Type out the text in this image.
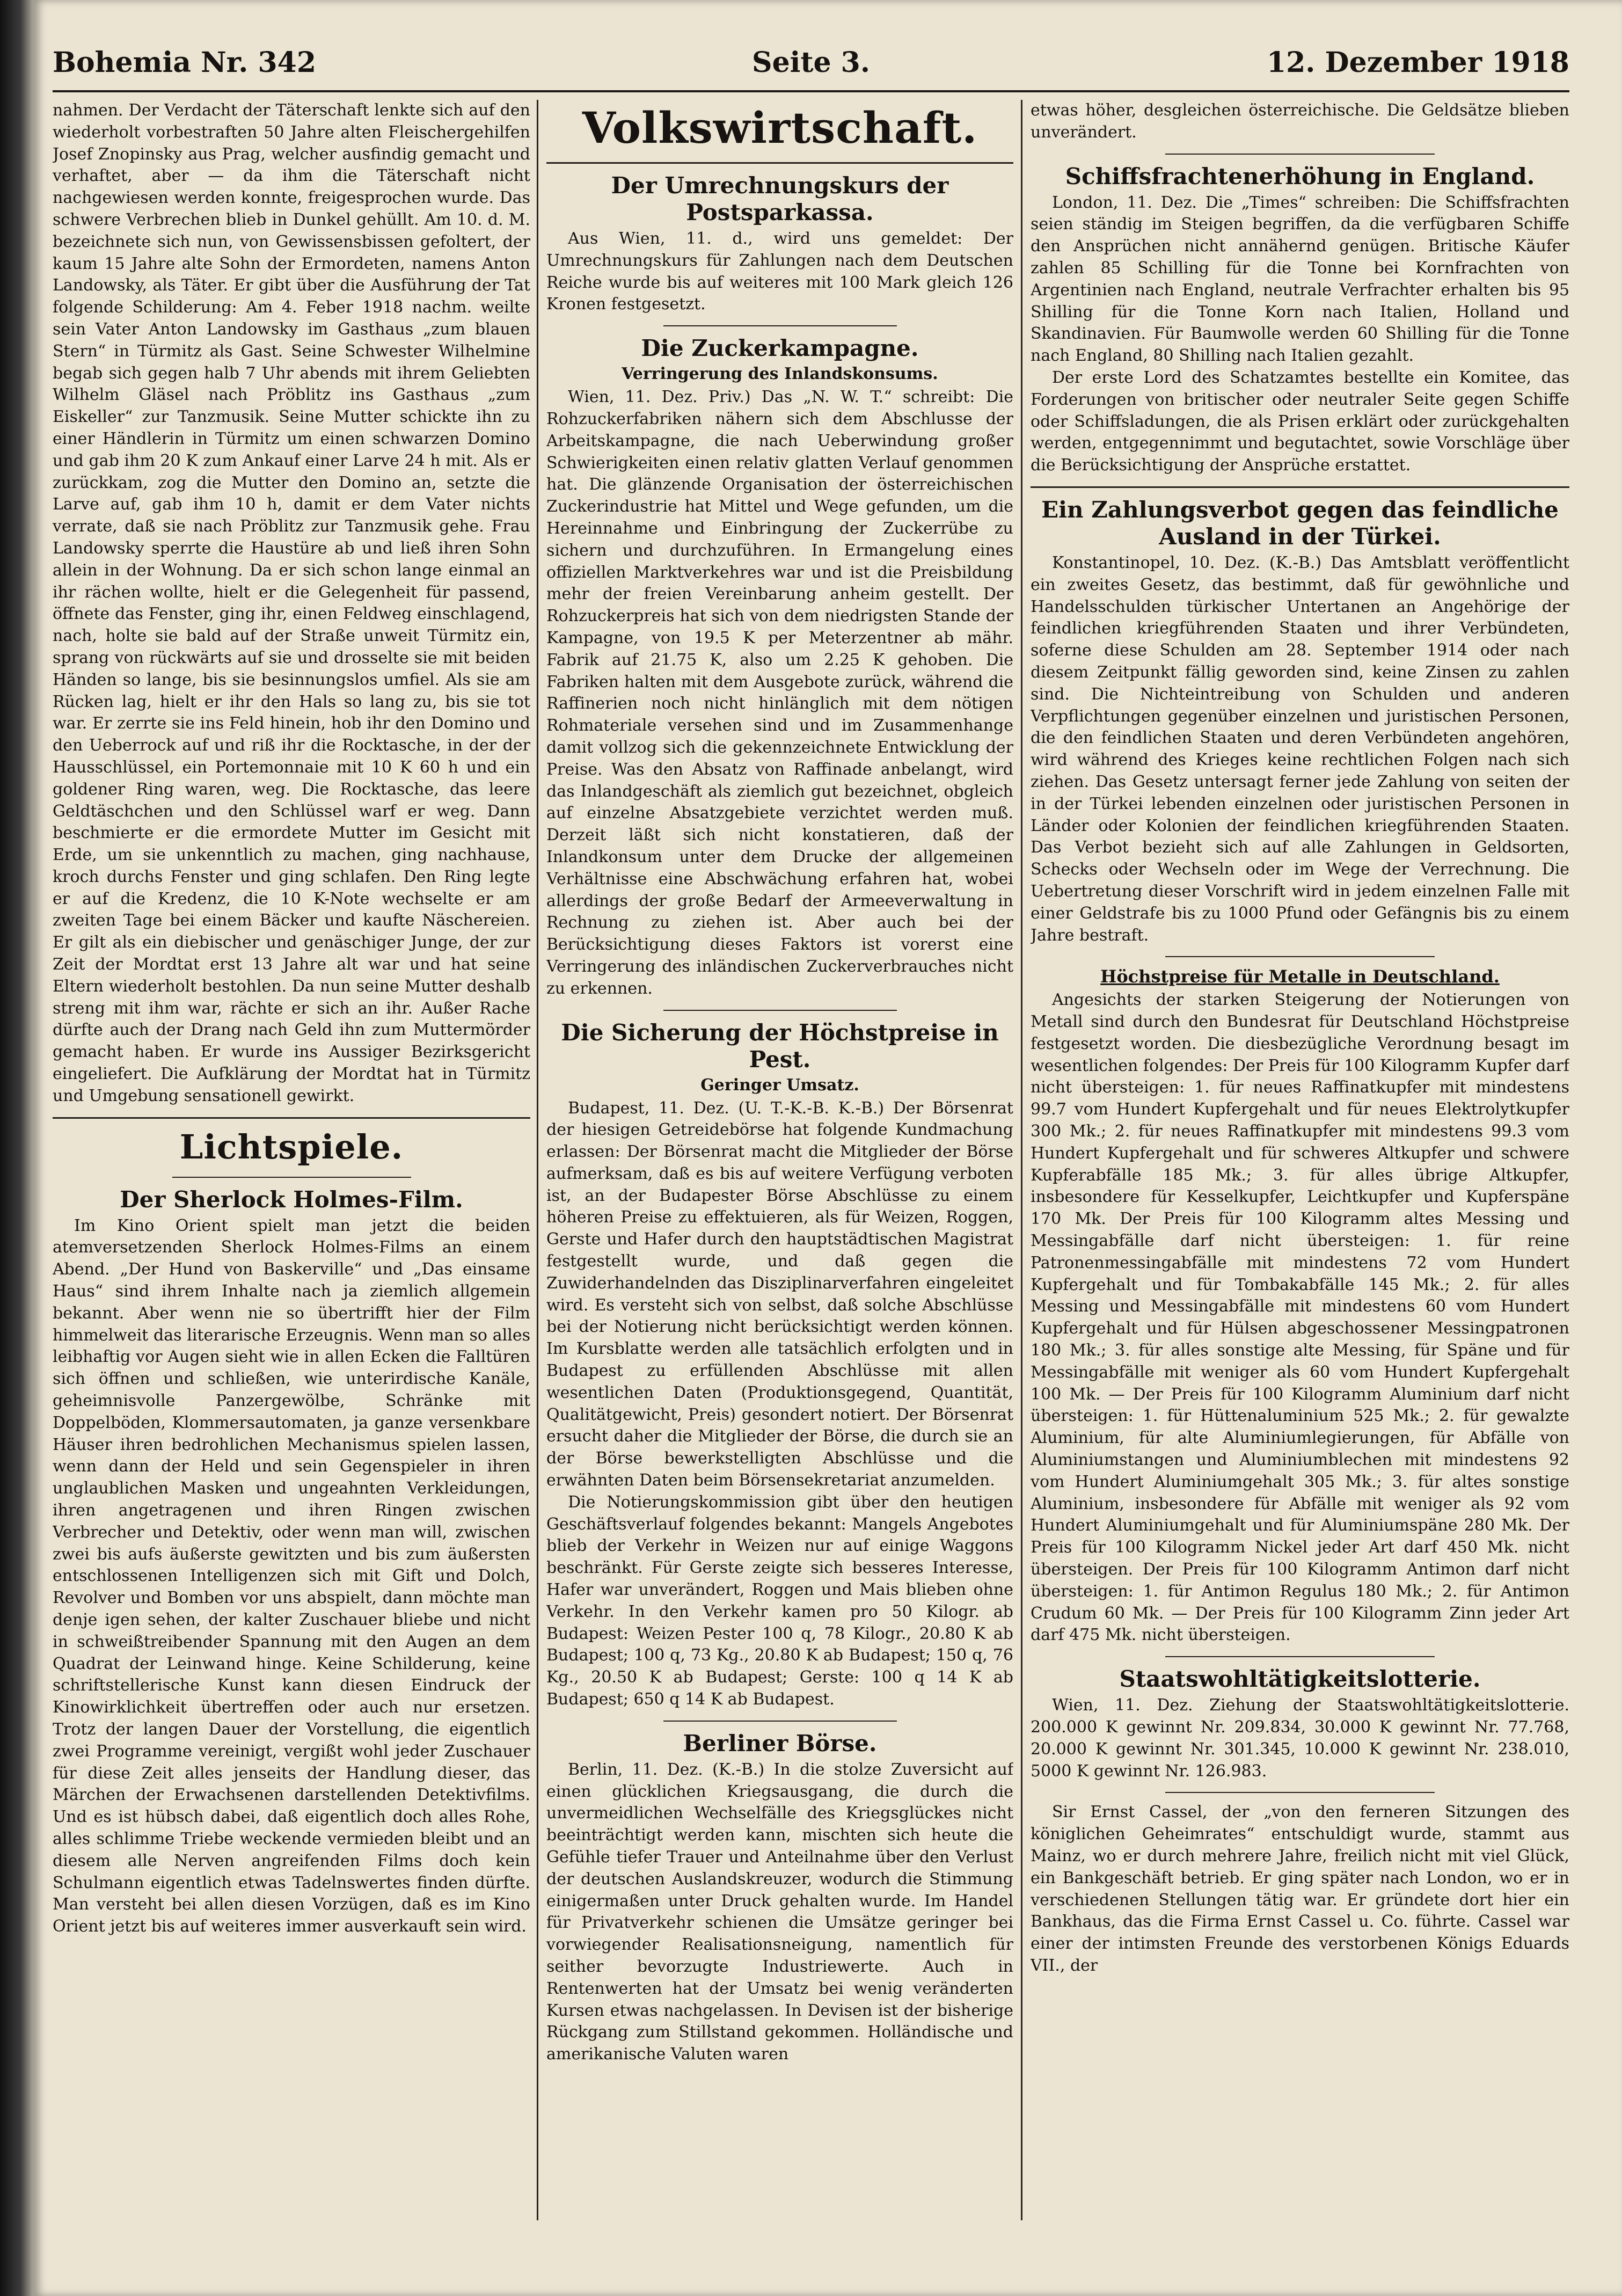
Seite 3.
Bohemia Nr. 342	12. Dezember 1918

nahmen. Der Verdacht der Täterschaft lenkte sich auf den wiederholt vorbestraften 50 Jahre alten Fleischergehilfen Josef Znopinsky aus Prag, welcher ausfindig gemacht und verhaftet, aber — da ihm die Täterschaft nicht nachgewiesen werden konnte, freigesprochen wurde. Das schwere Verbrechen blieb in Dunkel gehüllt. Am 10. d. M. bezeichnete sich nun, von Gewissensbissen gefoltert, der kaum 15 Jahre alte Sohn der Ermordeten, namens Anton Landowsky, als Täter. Er gibt über die Ausführung der Tat folgende Schilderung: Am 4. Feber 1918 nachm. weilte sein Vater Anton Landowsky im Gasthaus „zum blauen Stern“ in Türmitz als Gast. Seine Schwester Wilhelmine begab sich gegen halb 7 Uhr abends mit ihrem Geliebten Wilhelm Gläsel nach Pröblitz ins Gasthaus „zum Eiskeller“ zur Tanzmusik. Seine Mutter schickte ihn zu einer Händlerin in Türmitz um einen schwarzen Domino und gab ihm 20 K zum Ankauf einer Larve 24 h mit. Als er zurückkam, zog die Mutter den Domino an, setzte die Larve auf, gab ihm 10 h, damit er dem Vater nichts verrate, daß sie nach Pröblitz zur Tanzmusik gehe. Frau Landowsky sperrte die Haustüre ab und ließ ihren Sohn allein in der Wohnung. Da er sich schon lange einmal an ihr rächen wollte, hielt er die Gelegenheit für passend, öffnete das Fenster, ging ihr, einen Feldweg einschlagend, nach, holte sie bald auf der Straße unweit Türmitz ein, sprang von rückwärts auf sie und drosselte sie mit beiden Händen so lange, bis sie besinnungslos umfiel. Als sie am Rücken lag, hielt er ihr den Hals so lang zu, bis sie tot war. Er zerrte sie ins Feld hinein, hob ihr den Domino und den Ueberrock auf und riß ihr die Rocktasche, in der der Hausschlüssel, ein Portemonnaie mit 10 K 60 h und ein goldener Ring waren, weg. Die Rocktasche, das leere Geldtäschchen und den Schlüssel warf er weg. Dann beschmierte er die ermordete Mutter im Gesicht mit Erde, um sie unkenntlich zu machen, ging nachhause, kroch durchs Fenster und ging schlafen. Den Ring legte er auf die Kredenz, die 10 K-Note wechselte er am zweiten Tage bei einem Bäcker und kaufte Näschereien. Er gilt als ein diebischer und genäschiger Junge, der zur Zeit der Mordtat erst 13 Jahre alt war und hat seine Eltern wiederholt bestohlen. Da nun seine Mutter deshalb streng mit ihm war, rächte er sich an ihr. Außer Rache dürfte auch der Drang nach Geld ihn zum Muttermörder gemacht haben. Er wurde ins Aussiger Bezirksgericht eingeliefert. Die Aufklärung der Mordtat hat in Türmitz und Umgebung sensationell gewirkt.

Lichtspiele.
Der Sherlock Holmes-Film.

Im Kino Orient spielt man jetzt die beiden atemversetzenden Sherlock Holmes-Films an einem Abend. „Der Hund von Baskerville“ und „Das einsame Haus“ sind ihrem Inhalte nach ja ziemlich allgemein bekannt. Aber wenn nie so übertrifft hier der Film himmelweit das literarische Erzeugnis. Wenn man so alles leibhaftig vor Augen sieht wie in allen Ecken die Falltüren sich öffnen und schließen, wie unterirdische Kanäle, geheimnisvolle Panzergewölbe, Schränke mit Doppelböden, Klommersautomaten, ja ganze versenkbare Häuser ihren bedrohlichen Mechanismus spielen lassen, wenn dann der Held und sein Gegenspieler in ihren unglaublichen Masken und ungeahnten Verkleidungen, ihren angetragenen und ihren Ringen zwischen Verbrecher und Detektiv, oder wenn man will, zwischen zwei bis aufs äußerste gewitzten und bis zum äußersten entschlossenen Intelligenzen sich mit Gift und Dolch, Revolver und Bomben vor uns abspielt, dann möchte man denje igen sehen, der kalter Zuschauer bliebe und nicht in schweißtreibender Spannung mit den Augen an dem Quadrat der Leinwand hinge. Keine Schilderung, keine schriftstellerische Kunst kann diesen Eindruck der Kinowirklichkeit übertreffen oder auch nur ersetzen. Trotz der langen Dauer der Vorstellung, die eigentlich zwei Programme vereinigt, vergißt wohl jeder Zuschauer für diese Zeit alles jenseits der Handlung dieser, das Märchen der Erwachsenen darstellenden Detektivfilms. Und es ist hübsch dabei, daß eigentlich doch alles Rohe, alles schlimme Triebe weckende vermieden bleibt und an diesem alle Nerven angreifenden Films doch kein Schulmann eigentlich etwas Tadelnswertes finden dürfte. Man versteht bei allen diesen Vorzügen, daß es im Kino Orient jetzt bis auf weiteres immer ausverkauft sein wird.

Volkswirtschaft.
Der Umrechnungskurs der Postsparkassa.

Aus Wien, 11. d., wird uns gemeldet: Der Umrechnungskurs für Zahlungen nach dem Deutschen Reiche wurde bis auf weiteres mit 100 Mark gleich 126 Kronen festgesetzt.

Die Zuckerkampagne.
Verringerung des Inlandskonsums.

Wien, 11. Dez. Priv.) Das „N. W. T.“ schreibt: Die Rohzuckerfabriken nähern sich dem Abschlusse der Arbeitskampagne, die nach Ueberwindung großer Schwierigkeiten einen relativ glatten Verlauf genommen hat. Die glänzende Organisation der österreichischen Zuckerindustrie hat Mittel und Wege gefunden, um die Hereinnahme und Einbringung der Zuckerrübe zu sichern und durchzuführen. In Ermangelung eines offiziellen Marktverkehres war und ist die Preisbildung mehr der freien Vereinbarung anheim gestellt. Der Rohzuckerpreis hat sich von dem niedrigsten Stande der Kampagne, von 19.5 K per Meterzentner ab mähr. Fabrik auf 21.75 K, also um 2.25 K gehoben. Die Fabriken halten mit dem Ausgebote zurück, während die Raffinerien noch nicht hinlänglich mit dem nötigen Rohmateriale versehen sind und im Zusammenhange damit vollzog sich die gekennzeichnete Entwicklung der Preise. Was den Absatz von Raffinade anbelangt, wird das Inlandgeschäft als ziemlich gut bezeichnet, obgleich auf einzelne Absatzgebiete verzichtet werden muß. Derzeit läßt sich nicht konstatieren, daß der Inlandkonsum unter dem Drucke der allgemeinen Verhältnisse eine Abschwächung erfahren hat, wobei allerdings der große Bedarf der Armeeverwaltung in Rechnung zu ziehen ist. Aber auch bei der Berücksichtigung dieses Faktors ist vorerst eine Verringerung des inländischen Zuckerverbrauches nicht zu erkennen.

Die Sicherung der Höchstpreise in Pest.
Geringer Umsatz.

Budapest, 11. Dez. (U. T.-K.-B. K.-B.) Der Börsenrat der hiesigen Getreidebörse hat folgende Kundmachung erlassen: Der Börsenrat macht die Mitglieder der Börse aufmerksam, daß es bis auf weitere Verfügung verboten ist, an der Budapester Börse Abschlüsse zu einem höheren Preise zu effektuieren, als für Weizen, Roggen, Gerste und Hafer durch den hauptstädtischen Magistrat festgestellt wurde, und daß gegen die Zuwiderhandelnden das Disziplinarverfahren eingeleitet wird. Es versteht sich von selbst, daß solche Abschlüsse bei der Notierung nicht berücksichtigt werden können. Im Kursblatte werden alle tatsächlich erfolgten und in Budapest zu erfüllenden Abschlüsse mit allen wesentlichen Daten (Produktionsgegend, Quantität, Qualitätgewicht, Preis) gesondert notiert. Der Börsenrat ersucht daher die Mitglieder der Börse, die durch sie an der Börse bewerkstelligten Abschlüsse und die erwähnten Daten beim Börsensekretariat anzumelden.

Die Notierungskommission gibt über den heutigen Geschäftsverlauf folgendes bekannt: Mangels Angebotes blieb der Verkehr in Weizen nur auf einige Waggons beschränkt. Für Gerste zeigte sich besseres Interesse, Hafer war unverändert, Roggen und Mais blieben ohne Verkehr. In den Verkehr kamen pro 50 Kilogr. ab Budapest: Weizen Pester 100 q, 78 Kilogr., 20.80 K ab Budapest; 100 q, 73 Kg., 20.80 K ab Budapest; 150 q, 76 Kg., 20.50 K ab Budapest; Gerste: 100 q 14 K ab Budapest; 650 q 14 K ab Budapest.

Berliner Börse.

Berlin, 11. Dez. (K.-B.) In die stolze Zuversicht auf einen glücklichen Kriegsausgang, die durch die unvermeidlichen Wechselfälle des Kriegsglückes nicht beeinträchtigt werden kann, mischten sich heute die Gefühle tiefer Trauer und Anteilnahme über den Verlust der deutschen Auslandskreuzer, wodurch die Stimmung einigermaßen unter Druck gehalten wurde. Im Handel für Privatverkehr schienen die Umsätze geringer bei vorwiegender Realisationsneigung, namentlich für seither bevorzugte Industriewerte. Auch in Rentenwerten hat der Umsatz bei wenig veränderten Kursen etwas nachgelassen. In Devisen ist der bisherige Rückgang zum Stillstand gekommen. Holländische und amerikanische Valuten waren

etwas höher, desgleichen österreichische. Die Geldsätze blieben unverändert.

Schiffsfrachtenerhöhung in England.

London, 11. Dez. Die „Times“ schreiben: Die Schiffsfrachten seien ständig im Steigen begriffen, da die verfügbaren Schiffe den Ansprüchen nicht annähernd genügen. Britische Käufer zahlen 85 Schilling für die Tonne bei Kornfrachten von Argentinien nach England, neutrale Verfrachter erhalten bis 95 Shilling für die Tonne Korn nach Italien, Holland und Skandinavien. Für Baumwolle werden 60 Shilling für die Tonne nach England, 80 Shilling nach Italien gezahlt.

Der erste Lord des Schatzamtes bestellte ein Komitee, das Forderungen von britischer oder neutraler Seite gegen Schiffe oder Schiffsladungen, die als Prisen erklärt oder zurückgehalten werden, entgegennimmt und begutachtet, sowie Vorschläge über die Berücksichtigung der Ansprüche erstattet.

Ein Zahlungsverbot gegen das feindliche Ausland in der Türkei.

Konstantinopel, 10. Dez. (K.-B.) Das Amtsblatt veröffentlicht ein zweites Gesetz, das bestimmt, daß für gewöhnliche und Handelsschulden türkischer Untertanen an Angehörige der feindlichen kriegführenden Staaten und ihrer Verbündeten, soferne diese Schulden am 28. September 1914 oder nach diesem Zeitpunkt fällig geworden sind, keine Zinsen zu zahlen sind. Die Nichteintreibung von Schulden und anderen Verpflichtungen gegenüber einzelnen und juristischen Personen, die den feindlichen Staaten und deren Verbündeten angehören, wird während des Krieges keine rechtlichen Folgen nach sich ziehen. Das Gesetz untersagt ferner jede Zahlung von seiten der in der Türkei lebenden einzelnen oder juristischen Personen in Länder oder Kolonien der feindlichen kriegführenden Staaten. Das Verbot bezieht sich auf alle Zahlungen in Geldsorten, Schecks oder Wechseln oder im Wege der Verrechnung. Die Uebertretung dieser Vorschrift wird in jedem einzelnen Falle mit einer Geldstrafe bis zu 1000 Pfund oder Gefängnis bis zu einem Jahre bestraft.

Höchstpreise für Metalle in Deutschland.

Angesichts der starken Steigerung der Notierungen von Metall sind durch den Bundesrat für Deutschland Höchstpreise festgesetzt worden. Die diesbezügliche Verordnung besagt im wesentlichen folgendes: Der Preis für 100 Kilogramm Kupfer darf nicht übersteigen: 1. für neues Raffinatkupfer mit mindestens 99.7 vom Hundert Kupfergehalt und für neues Elektrolytkupfer 300 Mk.; 2. für neues Raffinatkupfer mit mindestens 99.3 vom Hundert Kupfergehalt und für schweres Altkupfer und schwere Kupferabfälle 185 Mk.; 3. für alles übrige Altkupfer, insbesondere für Kesselkupfer, Leichtkupfer und Kupferspäne 170 Mk. Der Preis für 100 Kilogramm altes Messing und Messingabfälle darf nicht übersteigen: 1. für reine Patronenmessingabfälle mit mindestens 72 vom Hundert Kupfergehalt und für Tombakabfälle 145 Mk.; 2. für alles Messing und Messingabfälle mit mindestens 60 vom Hundert Kupfergehalt und für Hülsen abgeschossener Messingpatronen 180 Mk.; 3. für alles sonstige alte Messing, für Späne und für Messingabfälle mit weniger als 60 vom Hundert Kupfergehalt 100 Mk. — Der Preis für 100 Kilogramm Aluminium darf nicht übersteigen: 1. für Hüttenaluminium 525 Mk.; 2. für gewalzte Aluminium, für alte Aluminiumlegierungen, für Abfälle von Aluminiumstangen und Aluminiumblechen mit mindestens 92 vom Hundert Aluminiumgehalt 305 Mk.; 3. für altes sonstige Aluminium, insbesondere für Abfälle mit weniger als 92 vom Hundert Aluminiumgehalt und für Aluminiumspäne 280 Mk. Der Preis für 100 Kilogramm Nickel jeder Art darf 450 Mk. nicht übersteigen. Der Preis für 100 Kilogramm Antimon darf nicht übersteigen: 1. für Antimon Regulus 180 Mk.; 2. für Antimon Crudum 60 Mk. — Der Preis für 100 Kilogramm Zinn jeder Art darf 475 Mk. nicht übersteigen.

Staatswohltätigkeitslotterie.

Wien, 11. Dez. Ziehung der Staatswohltätigkeitslotterie. 200.000 K gewinnt Nr. 209.834, 30.000 K gewinnt Nr. 77.768, 20.000 K gewinnt Nr. 301.345, 10.000 K gewinnt Nr. 238.010, 5000 K gewinnt Nr. 126.983.

Sir Ernst Cassel, der „von den ferneren Sitzungen des königlichen Geheimrates“ entschuldigt wurde, stammt aus Mainz, wo er durch mehrere Jahre, freilich nicht mit viel Glück, ein Bankgeschäft betrieb. Er ging später nach London, wo er in verschiedenen Stellungen tätig war. Er gründete dort hier ein Bankhaus, das die Firma Ernst Cassel u. Co. führte. Cassel war einer der intimsten Freunde des verstorbenen Königs Eduards VII., der
